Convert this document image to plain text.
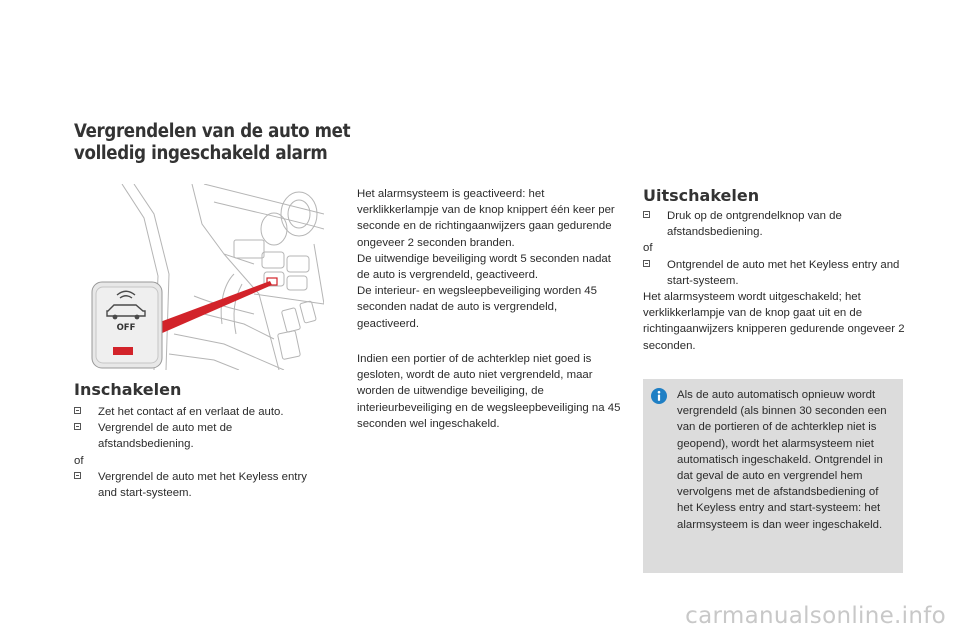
Vergrendelen van de auto met
volledig ingeschakeld alarm
OFF
Inschakelen

Zet het contact af en verlaat de auto.

Vergrendel de auto met de afstandsbediening.

of

Vergrendel de auto met het Keyless entry and start-systeem.

Het alarmsysteem is geactiveerd: het verklikkerlampje van de knop knippert één keer per seconde en de richtingaanwijzers gaan gedurende ongeveer 2 seconden branden.

De uitwendige beveiliging wordt 5 seconden nadat de auto is vergrendeld, geactiveerd.

De interieur- en wegsleepbeveiliging worden 45 seconden nadat de auto is vergrendeld, geactiveerd.

Indien een portier of de achterklep niet goed is gesloten, wordt de auto niet vergrendeld, maar worden de uitwendige beveiliging, de interieurbeveiliging en de wegsleepbeveiliging na 45 seconden wel ingeschakeld.

Uitschakelen

Druk op de ontgrendelknop van de afstandsbediening.

of

Ontgrendel de auto met het Keyless entry and start-systeem.

Het alarmsysteem wordt uitgeschakeld; het verklikkerlampje van de knop gaat uit en de richtingaanwijzers knipperen gedurende ongeveer 2 seconden.

Als de auto automatisch opnieuw wordt vergrendeld (als binnen 30 seconden een van de portieren of de achterklep niet is geopend), wordt het alarmsysteem niet automatisch ingeschakeld. Ontgrendel in dat geval de auto en vergrendel hem vervolgens met de afstandsbediening of het Keyless entry and start-systeem: het alarmsysteem is dan weer ingeschakeld.
carmanualsonline.info
